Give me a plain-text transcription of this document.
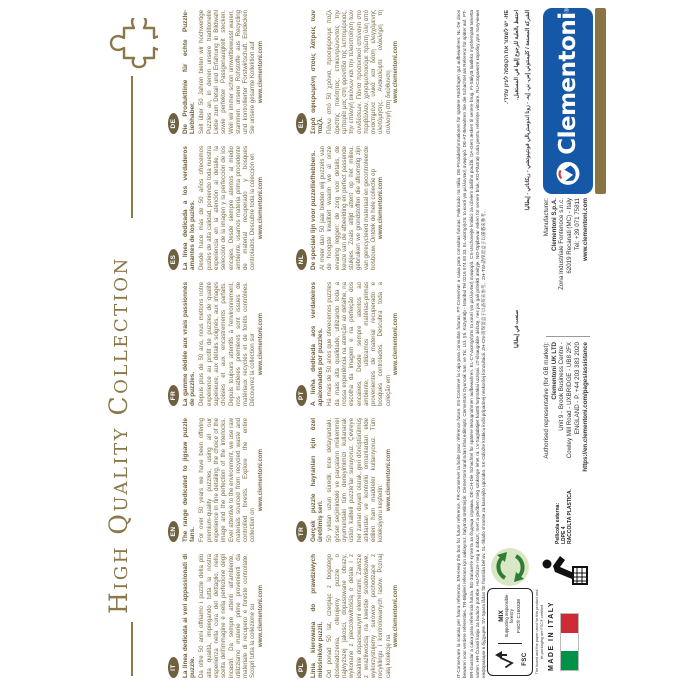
High Quality Collection
IT La linea dedicata ai veri appassionati di puzzle. Da oltre 50 anni offriamo i puzzle della più alta qualità, impiegando tutta la nostra esperienza nella cura del dettaglio, nella scelta dell'immagine e nella perfezione degli incastri. Da sempre attenti all'ambiente, utilizziamo materie prime provenienti da materiale di recupero e foreste controllate. Scopri tutta la collezione su www.clementoni.com
EN The range dedicated to jigsaw puzzle fans. For over 50 years we have been offering premium-quality puzzles, using all our experience in fine detailing, the choice of the image and the perfection of the interlocks. Ever attentive to the environment, we use raw materials sourced from recycled waste and controlled forests. Explore the entire collection on
www.clementoni.com
FR La gamme dédiée aux vrais passionnés de puzzles. Depuis plus de 50 ans, nous mettons notre expérience au profit de puzzles de qualité supérieure, aux détails soignés, aux images choisies et aux encastrements parfaits. Depuis toujours attentifs à l'environnement, nos matières premières sont issues de matériaux recyclés et de forêts contrôlées. Découvrez la collection sur www.clementoni.com
ES La línea dedicada a los verdaderos amantes de los puzles. Desde hace más de 50 años ofrecemos puzles de alta calidad, poniendo toda nuestra experiencia en la atención al detalle, la selección de la imagen y la perfección de los encajes. Desde siempre atentos al medio ambiente, usamos materia prima procedente de material recuperado y bosques controlados. Descubre toda la colección en www.clementoni.com
DE Die Produktlinie für echte Puzzle-Liebhaber. Seit über 50 Jahren bieten wir hochwertige Puzzles an, in denen unsere traditionelle Liebe zum Detail und Erfahrung in Bildwahl sowie perfekter Passgenauigkeit stecken. Weil wir immer schon umweltbewusst waren, stammen unsere Rohstoffe aus Recycling und kontrollierter Forstwirtschaft. Entdecken Sie unsere gesamte Kollektion auf www.clementoni.com
PL Linia kierowana do prawdziwych miłośników puzzli. Od ponad 50 lat, czerpiąc z bogatego doświadczenia, oferujemy puzzle o najwyższej jakości, dopasowane obrazy, wykonane z pieczołowitością o detale i z idealnie dopasowanymi elementami. Zawsze z wrażliwością na kwestie środowiskowe, wykorzystujemy surowce pochodzące z recyklingu i kontrolowanych lasów. Poznaj całą kolekcję na
www.clementoni.com
TR Gerçek puzzle hayranları için özel üretilmiş seri. 50 yıldan uzun süredir, ince detaylardaki, görsel seçimindeki ve parçaların mükemmel uyumundaki tüm deneyimimizi kullanarak üstün kaliteli puzzle'lar sunuyoruz. Çevreye her zaman duyarlı olarak, geri dönüştürülmüş atıklardan ve kontrollü ormanlardan elde edilen ham maddeler kullanıyoruz. Tüm koleksiyonu keşfedin:
www.clementoni.com
PT A linha dedicada aos verdadeiros apaixonados por puzzles. Há mais de 50 anos que oferecemos puzzles da mais alta qualidade, utilizando toda a nossa experiência na atenção ao detalhe, na escolha da imagem e na perfeição dos encaixes. Desde sempre atentos ao ambiente, utilizamos matérias-primas provenientes de material recuperado e bosques controlados. Descubra toda a coleção em
www.clementoni.com
NL De speciale lijn voor puzzelliefhebbers. Al meer dan 50 jaar bieden wij puzzels van de hoogste kwaliteit waarin we al onze ervaring leggen: de zorg voor details, de keuze van de afbeelding en perfect passende stukjes. Zoals altijd attent op het milieu, gebruiken we grondstoffen die afkomstig zijn van gerecycleerd materiaal en gecontroleerde bosbouw. Ontdek de hele collectie op www.clementoni.com
EL Σειρά αφιερωμένη στους λάτρεις των παζλ. Πάνω από 50 χρόνια, προσφέρουμε παζλ άριστης ποιότητας, επικεντρώνοντας την εμπειρία μας στη φροντίδα της λεπτομέρειας, την επιλογή εικόνων και την τελειοποίηση των συνδέσεων. Πάντα προσεκτικοί απέναντι στο περιβάλλον, χρησιμοποιούμε πρώτη ύλη από ανακτημένα υλικά και δάση ελεγχόμενης υλοτόμησης. Ανακαλύψτε ολόκληρη τη συλλογή στη διεύθυνση www.clementoni.com	IT-Conservare la scatola per futura referenza. EN-Keep this box for future reference. FR-Conserver la boîte pour référence future. ES-Conserve la caja para consultas futuras. PT-Conservar a caixa para consultas futuras. Fabricado na Itália. DE-Produktinformationen für spätere Rückfragen gut aufbewahren. NL-De doos bewaren voor verdere referenties. TR-Bilgileri referans için saklayınız. İtalya'da üretilmiştir. Clementoni tarafından ithal edilmiştir. Clementoni Oyuncak San. ve Tic. Ltd. Şti. Kozyatağı - İstanbul Tel 0216 574 93 33. EL-Διατηρήστε το κουτί για μελλοντική αναφορά. DE-AT-Bewahren Sie die Schachtel als Referenz für später auf. PT-BR-Guardar a caixa para referência futura. BG-Запазете кутията за бъдеща справка. DE-CH-Die Schachtel für spätere Bezugnahmen aufbewahren. EL-CY-Διατηρήστε το κουτί για μελλοντική αναφορά. CS-Uschovejte krabici za účelem dalšího použití. DA-Gem æsken til senere brug. FI-Säilytä laatikko myöhempää tarvetta varten. HR-Čuvati kutiju za buduće potrebe. HU-Őrizze meg a dobozt, mert a jövőben még szüksége lehet rá. LV-Saglabājiet kastīti turpmākai uzziņai. LT-Išsaugokite dėžutę, nes jos gali prireikti ateityje. NO-Oppbevar esken for senere bruk. RO-Păstrați cutia pentru referințe viitoare. RU-Сохраните коробку для получения информации в будущем. SV-Spara lådan för framtida behov. SL-Škatlo shranite za kasnejšo uporabo. SK-Odložte krabicu kvôli prípadnej neskoršej konzultácii. ZH-CN-请保留盒子以备将来参考。ZH-TW-請保留盒子以備將來參考。
HE- יש לשמור את הקופסה לעיון עתידי.
صنعت في إيطاليا
احتفظ بالعلبة للرجوع إليها في المستقبل. الشركة المصنعة / كليمنتوني إس. بي. إيه. - زونا اندوستريالي فونتينوتشي - ريكاناتي - إيطاليا
FSC
MIX Supporting responsible forestry FSC® C160338	The board and the paper used for this product and its packaging are FSC® certified MADE IN ITALY
Pellicola esterna: LDPE 4 RACCOLTA PLASTICA.
Authorised representative (for GB market): Clementoni UK LTD Unit 9 - Brook Business Centre - Cowley Mill Road - UXBRIDGE - UB8 2FX ENGLAND - P. +44 203 383 2020 https://en.clementoni.com/pages/assistance
Manufacturer: Clementoni S.p.A. Zona Industriale Fontenoce s.n.c. 62019 Recanati (MC) - Italy Tel: +39 071 75811 www.clementoni.com
Clementoni
®
